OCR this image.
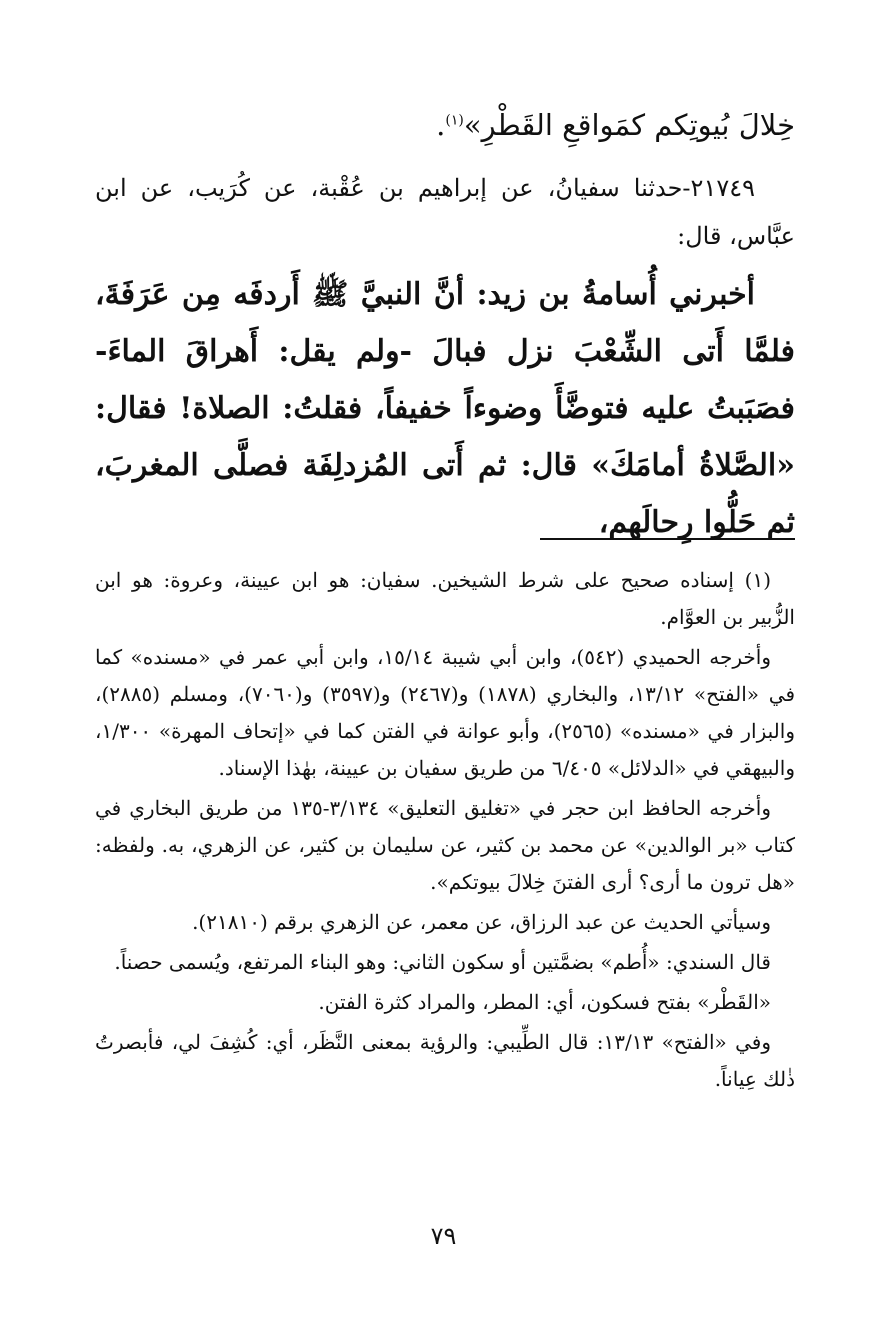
خِلالَ بُيوتِكم كمَواقعِ القَطْرِ»$^{(١)}$.

٢١٧٤٩-حدثنا سفيانُ، عن إبراهيم بن عُقْبة، عن كُرَيب، عن ابن عبَّاس، قال:

أخبرني أُسامةُ بن زيد: أنَّ النبيَّ ﷺ أَردفَه مِن عَرَفَةَ، فلمَّا أَتى الشِّعْبَ نزل فبالَ -ولم يقل: أَهراقَ الماءَ- فصَبَبتُ عليه فتوضَّأَ وضوءاً خفيفاً، فقلتُ: الصلاة! فقال: «الصَّلاةُ أمامَكَ» قال: ثم أَتى المُزدلِفَة فصلَّى المغربَ، ثم حَلُّوا رِحالَهم،

(١) إسناده صحيح على شرط الشيخين. سفيان: هو ابن عيينة، وعروة: هو ابن الزُّبير بن العوَّام.

وأخرجه الحميدي (٥٤٢)، وابن أبي شيبة ١٥/١٤، وابن أبي عمر في «مسنده» كما في «الفتح» ١٣/١٢، والبخاري (١٨٧٨) و(٢٤٦٧) و(٣٥٩٧) و(٧٠٦٠)، ومسلم (٢٨٨٥)، والبزار في «مسنده» (٢٥٦٥)، وأبو عوانة في الفتن كما في «إتحاف المهرة» ١/٣٠٠، والبيهقي في «الدلائل» ٦/٤٠٥ من طريق سفيان بن عيينة، بهٰذا الإسناد.

وأخرجه الحافظ ابن حجر في «تغليق التعليق» ٣/١٣٤-١٣٥ من طريق البخاري في كتاب «بر الوالدين» عن محمد بن كثير، عن سليمان بن كثير، عن الزهري، به. ولفظه: «هل ترون ما أرى؟ أرى الفتنَ خِلالَ بيوتكم».

وسيأتي الحديث عن عبد الرزاق، عن معمر، عن الزهري برقم (٢١٨١٠).

قال السندي: «أُطم» بضمَّتين أو سكون الثاني: وهو البناء المرتفع، ويُسمى حصناً.

«القَطْر» بفتح فسكون، أي: المطر، والمراد كثرة الفتن.

وفي «الفتح» ١٣/١٣: قال الطِّيبي: والرؤية بمعنى النَّظَر، أي: كُشِفَ لي، فأبصرتُ ذٰلك عِياناً.

٧٩
